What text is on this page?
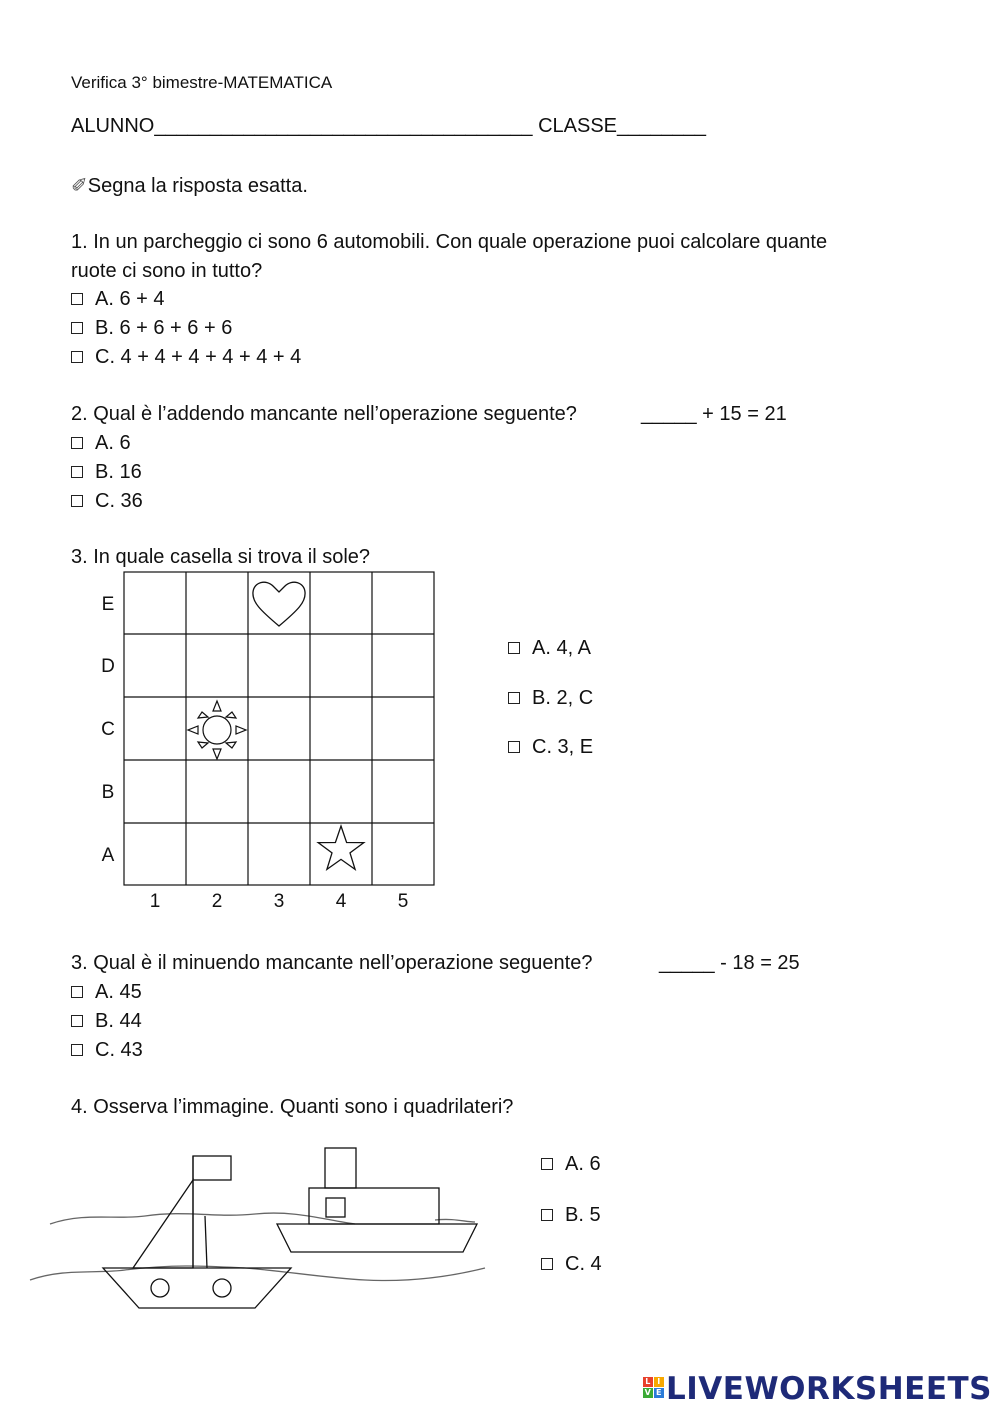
Verifica 3° bimestre-MATEMATICA
ALUNNO__________________________________ CLASSE________
✐Segna la risposta esatta.
1. In un parcheggio ci sono 6 automobili. Con quale operazione puoi calcolare quante
ruote ci sono in tutto?
A. 6 + 4
B. 6 + 6 + 6 + 6
C. 4 + 4 + 4 + 4 + 4 + 4
2. Qual è l’addendo mancante nell’operazione seguente?	_____ + 15 = 21
A. 6
B. 16
C. 36
3. In quale casella si trova il sole?
E
D
C
B
A
1	2	3	4	5
A. 4, A
B. 2, C
C. 3, E
3. Qual è il minuendo mancante nell’operazione seguente?	_____ - 18 = 25
A. 45
B. 44
C. 43
4. Osserva l’immagine. Quanti sono i quadrilateri?
A. 6
B. 5
C. 4
L I
V E LIVEWORKSHEETS
